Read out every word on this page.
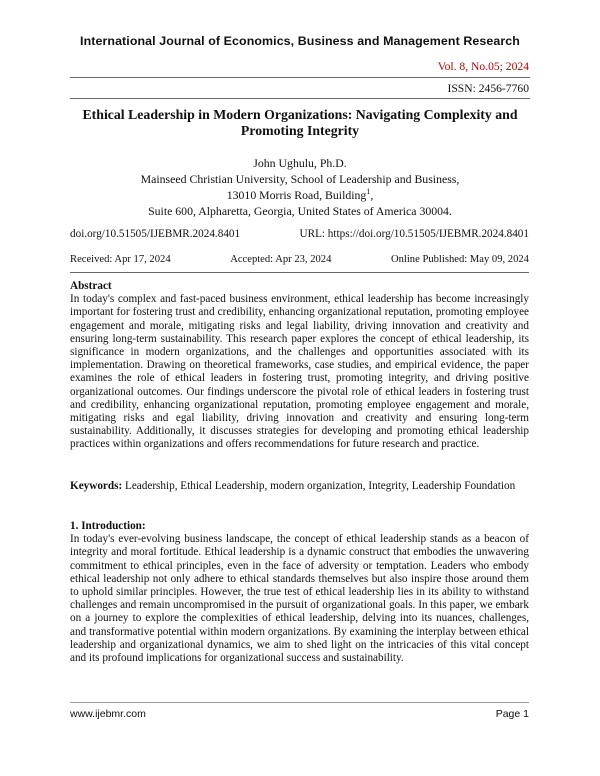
International Journal of Economics, Business and Management Research
Vol. 8, No.05; 2024
ISSN: 2456-7760
Ethical Leadership in Modern Organizations: Navigating Complexity and
Promoting Integrity
John Ughulu, Ph.D.
Mainseed Christian University, School of Leadership and Business,
13010 Morris Road, Building$^1$,
Suite 600, Alpharetta, Georgia, United States of America 30004.
doi.org/10.51505/IJEBMR.2024.8401	URL: https://doi.org/10.51505/IJEBMR.2024.8401
Received: Apr 17, 2024	Accepted: Apr 23, 2024	Online Published: May 09, 2024
Abstract
In today's complex and fast-paced business environment, ethical leadership has become increasingly important for fostering trust and credibility, enhancing organizational reputation, promoting employee engagement and morale, mitigating risks and legal liability, driving innovation and creativity and ensuring long-term sustainability. This research paper explores the concept of ethical leadership, its significance in modern organizations, and the challenges and opportunities associated with its implementation. Drawing on theoretical frameworks, case studies, and empirical evidence, the paper examines the role of ethical leaders in fostering trust, promoting integrity, and driving positive organizational outcomes. Our findings underscore the pivotal role of ethical leaders in fostering trust and credibility, enhancing organizational reputation, promoting employee engagement and morale, mitigating risks and egal liability, driving innovation and creativity and ensuring long-term sustainability. Additionally, it discusses strategies for developing and promoting ethical leadership practices within organizations and offers recommendations for future research and practice.
Keywords: Leadership, Ethical Leadership, modern organization, Integrity, Leadership Foundation
1. Introduction:
In today's ever-evolving business landscape, the concept of ethical leadership stands as a beacon of integrity and moral fortitude. Ethical leadership is a dynamic construct that embodies the unwavering commitment to ethical principles, even in the face of adversity or temptation. Leaders who embody ethical leadership not only adhere to ethical standards themselves but also inspire those around them to uphold similar principles. However, the true test of ethical leadership lies in its ability to withstand challenges and remain uncompromised in the pursuit of organizational goals. In this paper, we embark on a journey to explore the complexities of ethical leadership, delving into its nuances, challenges, and transformative potential within modern organizations. By examining the interplay between ethical leadership and organizational dynamics, we aim to shed light on the intricacies of this vital concept and its profound implications for organizational success and sustainability.
www.ijebmr.com	Page 1
